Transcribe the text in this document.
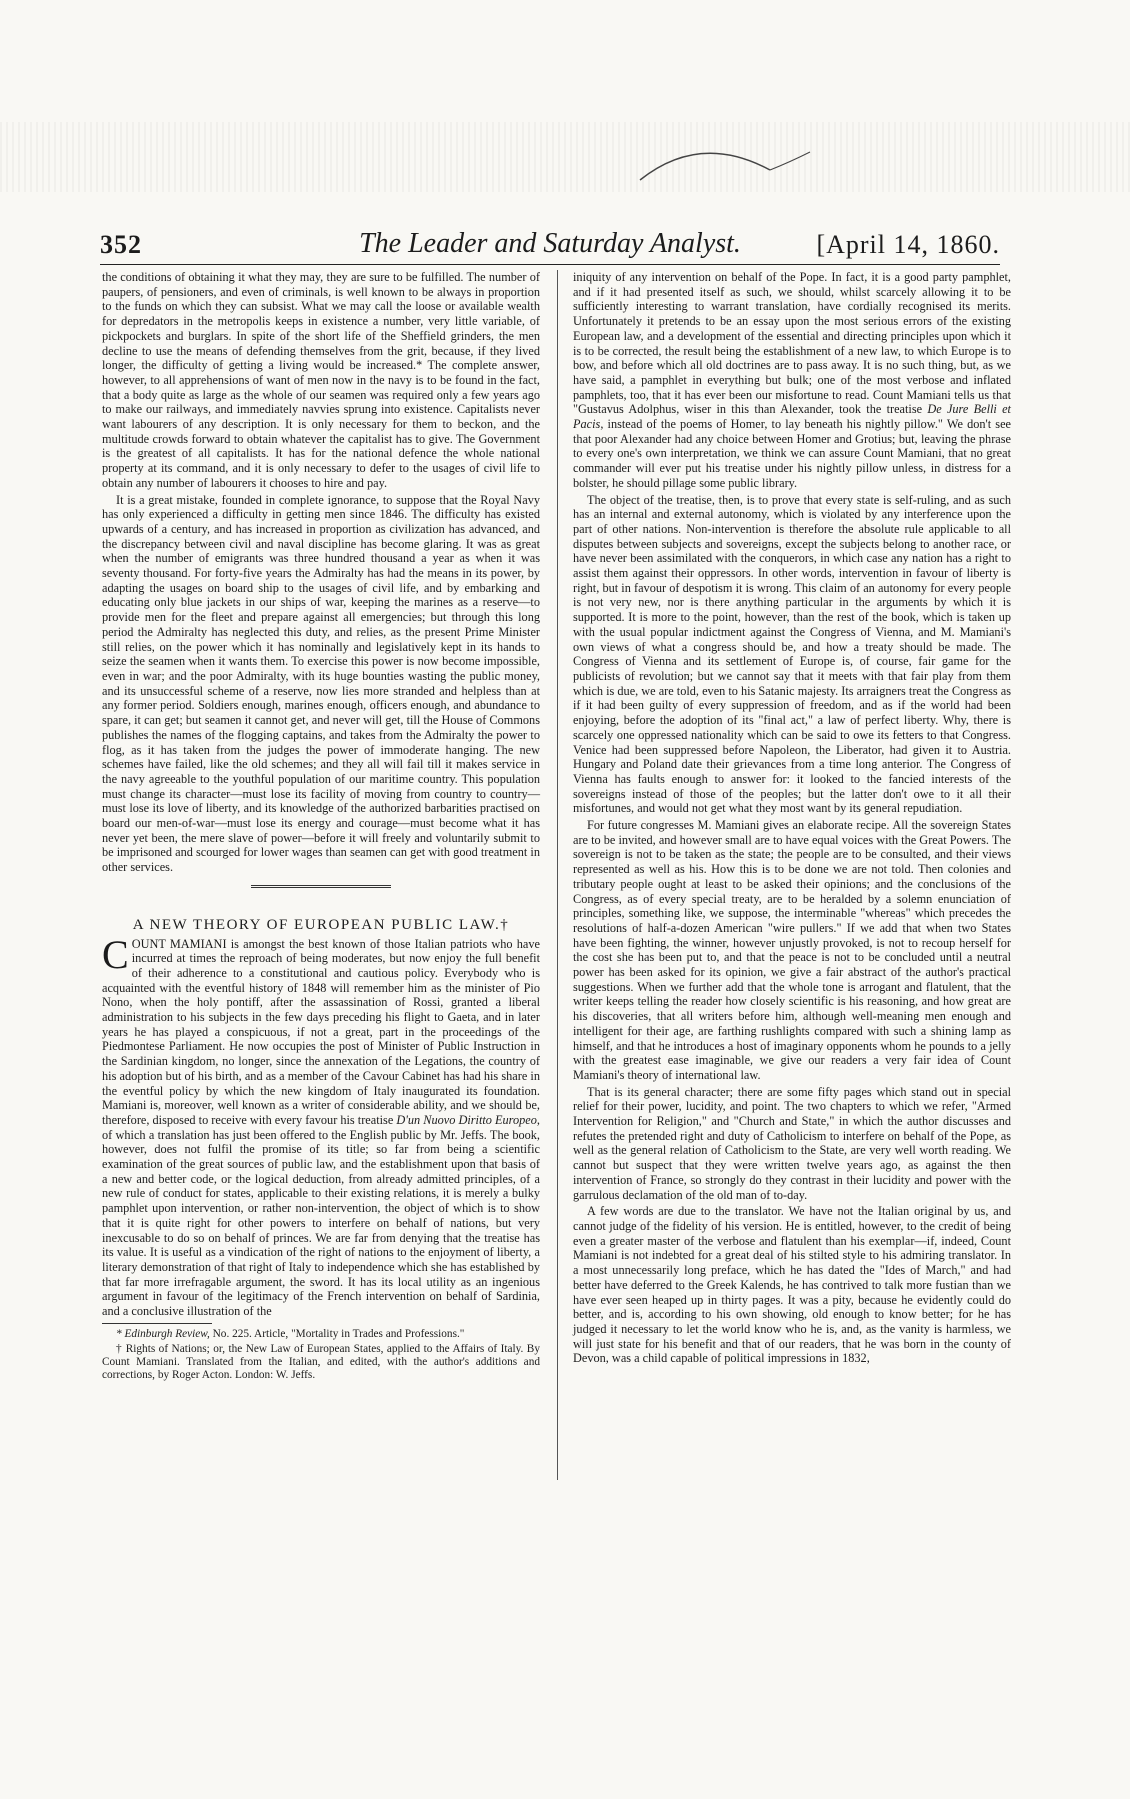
352	The Leader and Saturday Analyst.	[April 14, 1860.

the conditions of obtaining it what they may, they are sure to be fulfilled. The number of paupers, of pensioners, and even of criminals, is well known to be always in proportion to the funds on which they can subsist. What we may call the loose or available wealth for depredators in the metropolis keeps in existence a number, very little variable, of pickpockets and burglars. In spite of the short life of the Sheffield grinders, the men decline to use the means of defending themselves from the grit, because, if they lived longer, the difficulty of getting a living would be increased.* The complete answer, however, to all apprehensions of want of men now in the navy is to be found in the fact, that a body quite as large as the whole of our seamen was required only a few years ago to make our railways, and immediately navvies sprung into existence. Capitalists never want labourers of any description. It is only necessary for them to beckon, and the multitude crowds forward to obtain whatever the capitalist has to give. The Government is the greatest of all capitalists. It has for the national defence the whole national property at its command, and it is only necessary to defer to the usages of civil life to obtain any number of labourers it chooses to hire and pay.

It is a great mistake, founded in complete ignorance, to suppose that the Royal Navy has only experienced a difficulty in getting men since 1846. The difficulty has existed upwards of a century, and has increased in proportion as civilization has advanced, and the discrepancy between civil and naval discipline has become glaring. It was as great when the number of emigrants was three hundred thousand a year as when it was seventy thousand. For forty-five years the Admiralty has had the means in its power, by adapting the usages on board ship to the usages of civil life, and by embarking and educating only blue jackets in our ships of war, keeping the marines as a reserve—to provide men for the fleet and prepare against all emergencies; but through this long period the Admiralty has neglected this duty, and relies, as the present Prime Minister still relies, on the power which it has nominally and legislatively kept in its hands to seize the seamen when it wants them. To exercise this power is now become impossible, even in war; and the poor Admiralty, with its huge bounties wasting the public money, and its unsuccessful scheme of a reserve, now lies more stranded and helpless than at any former period. Soldiers enough, marines enough, officers enough, and abundance to spare, it can get; but seamen it cannot get, and never will get, till the House of Commons publishes the names of the flogging captains, and takes from the Admiralty the power to flog, as it has taken from the judges the power of immoderate hanging. The new schemes have failed, like the old schemes; and they all will fail till it makes service in the navy agreeable to the youthful population of our maritime country. This population must change its character—must lose its facility of moving from country to country—must lose its love of liberty, and its knowledge of the authorized barbarities practised on board our men-of-war—must lose its energy and courage—must become what it has never yet been, the mere slave of power—before it will freely and voluntarily submit to be imprisoned and scourged for lower wages than seamen can get with good treatment in other services.

A NEW THEORY OF EUROPEAN PUBLIC LAW.†

COUNT MAMIANI is amongst the best known of those Italian patriots who have incurred at times the reproach of being moderates, but now enjoy the full benefit of their adherence to a constitutional and cautious policy. Everybody who is acquainted with the eventful history of 1848 will remember him as the minister of Pio Nono, when the holy pontiff, after the assassination of Rossi, granted a liberal administration to his subjects in the few days preceding his flight to Gaeta, and in later years he has played a conspicuous, if not a great, part in the proceedings of the Piedmontese Parliament. He now occupies the post of Minister of Public Instruction in the Sardinian kingdom, no longer, since the annexation of the Legations, the country of his adoption but of his birth, and as a member of the Cavour Cabinet has had his share in the eventful policy by which the new kingdom of Italy inaugurated its foundation. Mamiani is, moreover, well known as a writer of considerable ability, and we should be, therefore, disposed to receive with every favour his treatise D'un Nuovo Diritto Europeo, of which a translation has just been offered to the English public by Mr. Jeffs. The book, however, does not fulfil the promise of its title; so far from being a scientific examination of the great sources of public law, and the establishment upon that basis of a new and better code, or the logical deduction, from already admitted principles, of a new rule of conduct for states, applicable to their existing relations, it is merely a bulky pamphlet upon intervention, or rather non-intervention, the object of which is to show that it is quite right for other powers to interfere on behalf of nations, but very inexcusable to do so on behalf of princes. We are far from denying that the treatise has its value. It is useful as a vindication of the right of nations to the enjoyment of liberty, a literary demonstration of that right of Italy to independence which she has established by that far more irrefragable argument, the sword. It has its local utility as an ingenious argument in favour of the legitimacy of the French intervention on behalf of Sardinia, and a conclusive illustration of the

* Edinburgh Review, No. 225. Article, "Mortality in Trades and Professions."

† Rights of Nations; or, the New Law of European States, applied to the Affairs of Italy. By Count Mamiani. Translated from the Italian, and edited, with the author's additions and corrections, by Roger Acton. London: W. Jeffs.

iniquity of any intervention on behalf of the Pope. In fact, it is a good party pamphlet, and if it had presented itself as such, we should, whilst scarcely allowing it to be sufficiently interesting to warrant translation, have cordially recognised its merits. Unfortunately it pretends to be an essay upon the most serious errors of the existing European law, and a development of the essential and directing principles upon which it is to be corrected, the result being the establishment of a new law, to which Europe is to bow, and before which all old doctrines are to pass away. It is no such thing, but, as we have said, a pamphlet in everything but bulk; one of the most verbose and inflated pamphlets, too, that it has ever been our misfortune to read. Count Mamiani tells us that "Gustavus Adolphus, wiser in this than Alexander, took the treatise De Jure Belli et Pacis, instead of the poems of Homer, to lay beneath his nightly pillow." We don't see that poor Alexander had any choice between Homer and Grotius; but, leaving the phrase to every one's own interpretation, we think we can assure Count Mamiani, that no great commander will ever put his treatise under his nightly pillow unless, in distress for a bolster, he should pillage some public library.

The object of the treatise, then, is to prove that every state is self-ruling, and as such has an internal and external autonomy, which is violated by any interference upon the part of other nations. Non-intervention is therefore the absolute rule applicable to all disputes between subjects and sovereigns, except the subjects belong to another race, or have never been assimilated with the conquerors, in which case any nation has a right to assist them against their oppressors. In other words, intervention in favour of liberty is right, but in favour of despotism it is wrong. This claim of an autonomy for every people is not very new, nor is there anything particular in the arguments by which it is supported. It is more to the point, however, than the rest of the book, which is taken up with the usual popular indictment against the Congress of Vienna, and M. Mamiani's own views of what a congress should be, and how a treaty should be made. The Congress of Vienna and its settlement of Europe is, of course, fair game for the publicists of revolution; but we cannot say that it meets with that fair play from them which is due, we are told, even to his Satanic majesty. Its arraigners treat the Congress as if it had been guilty of every suppression of freedom, and as if the world had been enjoying, before the adoption of its "final act," a law of perfect liberty. Why, there is scarcely one oppressed nationality which can be said to owe its fetters to that Congress. Venice had been suppressed before Napoleon, the Liberator, had given it to Austria. Hungary and Poland date their grievances from a time long anterior. The Congress of Vienna has faults enough to answer for: it looked to the fancied interests of the sovereigns instead of those of the peoples; but the latter don't owe to it all their misfortunes, and would not get what they most want by its general repudiation.

For future congresses M. Mamiani gives an elaborate recipe. All the sovereign States are to be invited, and however small are to have equal voices with the Great Powers. The sovereign is not to be taken as the state; the people are to be consulted, and their views represented as well as his. How this is to be done we are not told. Then colonies and tributary people ought at least to be asked their opinions; and the conclusions of the Congress, as of every special treaty, are to be heralded by a solemn enunciation of principles, something like, we suppose, the interminable "whereas" which precedes the resolutions of half-a-dozen American "wire pullers." If we add that when two States have been fighting, the winner, however unjustly provoked, is not to recoup herself for the cost she has been put to, and that the peace is not to be concluded until a neutral power has been asked for its opinion, we give a fair abstract of the author's practical suggestions. When we further add that the whole tone is arrogant and flatulent, that the writer keeps telling the reader how closely scientific is his reasoning, and how great are his discoveries, that all writers before him, although well-meaning men enough and intelligent for their age, are farthing rushlights compared with such a shining lamp as himself, and that he introduces a host of imaginary opponents whom he pounds to a jelly with the greatest ease imaginable, we give our readers a very fair idea of Count Mamiani's theory of international law.

That is its general character; there are some fifty pages which stand out in special relief for their power, lucidity, and point. The two chapters to which we refer, "Armed Intervention for Religion," and "Church and State," in which the author discusses and refutes the pretended right and duty of Catholicism to interfere on behalf of the Pope, as well as the general relation of Catholicism to the State, are very well worth reading. We cannot but suspect that they were written twelve years ago, as against the then intervention of France, so strongly do they contrast in their lucidity and power with the garrulous declamation of the old man of to-day.

A few words are due to the translator. We have not the Italian original by us, and cannot judge of the fidelity of his version. He is entitled, however, to the credit of being even a greater master of the verbose and flatulent than his exemplar—if, indeed, Count Mamiani is not indebted for a great deal of his stilted style to his admiring translator. In a most unnecessarily long preface, which he has dated the "Ides of March," and had better have deferred to the Greek Kalends, he has contrived to talk more fustian than we have ever seen heaped up in thirty pages. It was a pity, because he evidently could do better, and is, according to his own showing, old enough to know better; for he has judged it necessary to let the world know who he is, and, as the vanity is harmless, we will just state for his benefit and that of our readers, that he was born in the county of Devon, was a child capable of political impressions in 1832,
